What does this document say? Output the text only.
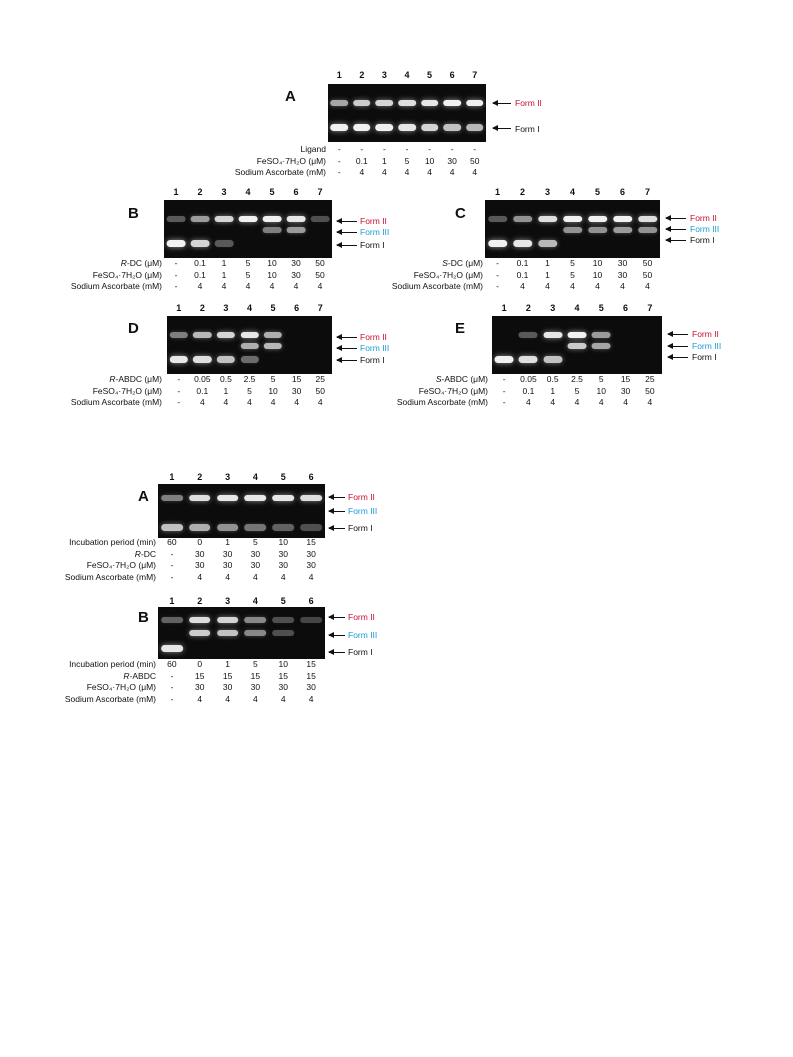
A
1 2 3 4 5 6 7
Form II
Form I
B
1 2 3 4 5 6 7
Form II
Form III
Form I
C
1 2 3 4 5 6 7
Form II
Form III
Form I
D
1 2 3 4 5 6 7
Form II
Form III
Form I
E
1 2 3 4 5 6 7
Form II
Form III
Form I
A
1	2	3	4	5	6
Form II
Form III
Form I
B
1	2	3	4	5	6
Form II
Form III
Form I
Ligand - - - - - - -
FeSO₄·7H₂O (μM) - 0.1 1 5 10 30 50
Sodium Ascorbate (mM) - 4 4 4 4 4 4
R-DC (μM) - 0.1 1 5 10 30 50
FeSO₄·7H₂O (μM) - 0.1 1 5 10 30 50
Sodium Ascorbate (mM) - 4 4 4 4 4 4
S-DC (μM) - 0.1 1 5 10 30 50
FeSO₄·7H₂O (μM) - 0.1 1 5 10 30 50
Sodium Ascorbate (mM) - 4 4 4 4 4 4
R-ABDC (μM) - 0.05 0.5 2.5 5 15 25
FeSO₄·7H₂O (μM) - 0.1 1 5 10 30 50
Sodium Ascorbate (mM) - 4 4 4 4 4 4
S-ABDC (μM) - 0.05 0.5 2.5 5 15 25
FeSO₄·7H₂O (μM) - 0.1 1 5 10 30 50
Sodium Ascorbate (mM) - 4 4 4 4 4 4
Incubation period (min) 60 0	1	5 10 15
R-DC -	30 30 30 30 30
FeSO₄·7H₂O (μM) -	30 30 30 30 30
Sodium Ascorbate (mM) -	4	4	4	4	4
Incubation period (min) 60 0	1	5 10 15
R-ABDC -	15 15 15 15 15
FeSO₄·7H₂O (μM) -	30 30 30 30 30
Sodium Ascorbate (mM) -	4	4	4	4	4
